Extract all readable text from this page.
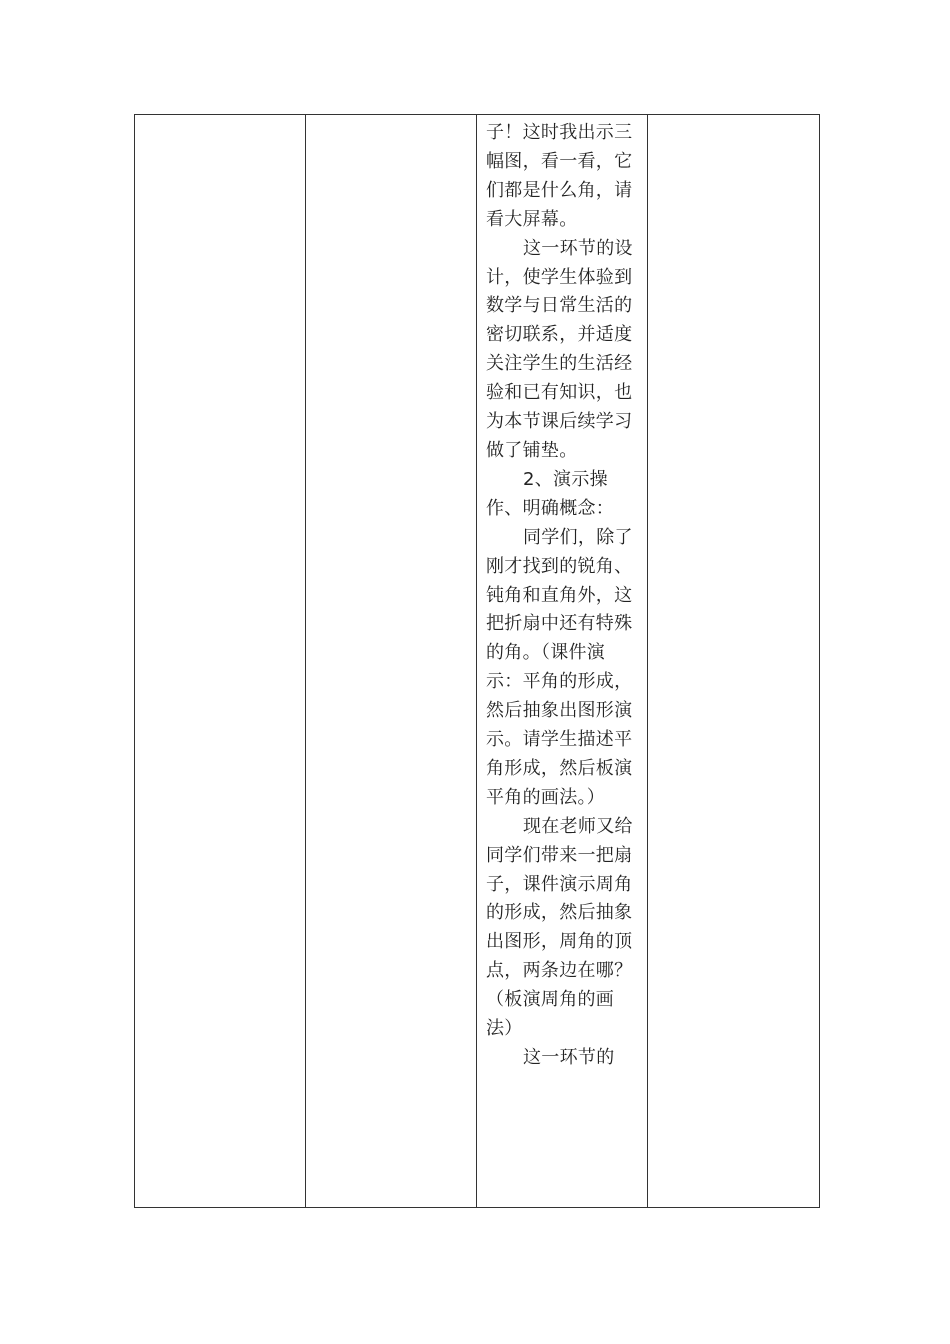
子！这时我出示三幅图，看一看，它们都是什么角，请看大屏幕。

这一环节的设计，使学生体验到数学与日常生活的密切联系，并适度关注学生的生活经验和已有知识，也为本节课后续学习做了铺垫。

2、演示操作、明确概念：

同学们，除了刚才找到的锐角、钝角和直角外，这把折扇中还有特殊的角。（课件演示：平角的形成，然后抽象出图形演示。请学生描述平角形成，然后板演平角的画法。）

现在老师又给同学们带来一把扇子，课件演示周角的形成，然后抽象出图形，周角的顶点，两条边在哪？（板演周角的画法）

这一环节的
